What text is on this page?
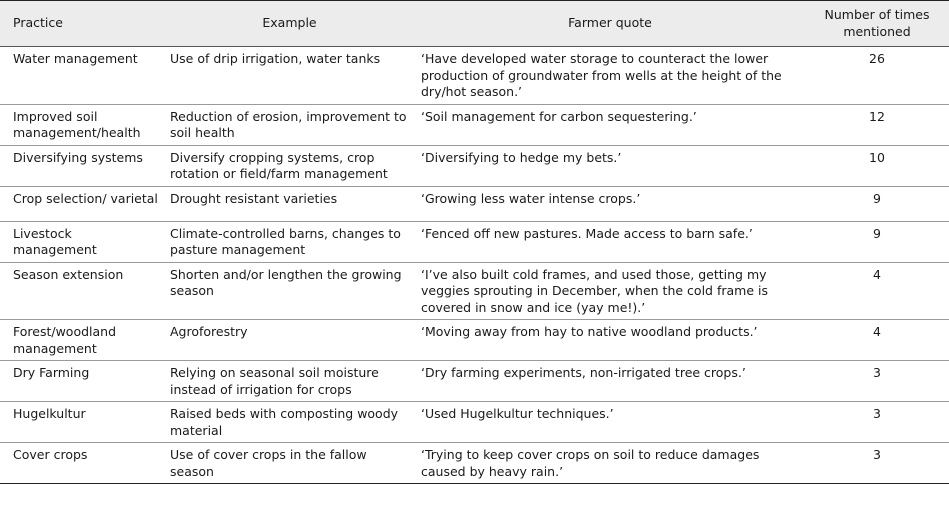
Practice	Example	Farmer quote	Number of times mentioned
Water management	Use of drip irrigation, water tanks	‘Have developed water storage to counteract the lower production of groundwater from wells at the height of the dry/hot season.’	26
Improved soil management/health	Reduction of erosion, improvement to soil health	‘Soil management for carbon sequestering.’	12
Diversifying systems	Diversify cropping systems, crop rotation or field/farm management	‘Diversifying to hedge my bets.’	10
Crop selection/ varietal	Drought resistant varieties	‘Growing less water intense crops.’	9
Livestock management	Climate-controlled barns, changes to pasture management	‘Fenced off new pastures. Made access to barn safe.’	9
Season extension	Shorten and/or lengthen the growing season	‘I’ve also built cold frames, and used those, getting my veggies sprouting in December, when the cold frame is covered in snow and ice (yay me!).’	4
Forest/woodland management	Agroforestry	‘Moving away from hay to native woodland products.’	4
Dry Farming	Relying on seasonal soil moisture instead of irrigation for crops	‘Dry farming experiments, non-irrigated tree crops.’	3
Hugelkultur	Raised beds with composting woody material	‘Used Hugelkultur techniques.’	3
Cover crops	Use of cover crops in the fallow season	‘Trying to keep cover crops on soil to reduce damages caused by heavy rain.’	3
